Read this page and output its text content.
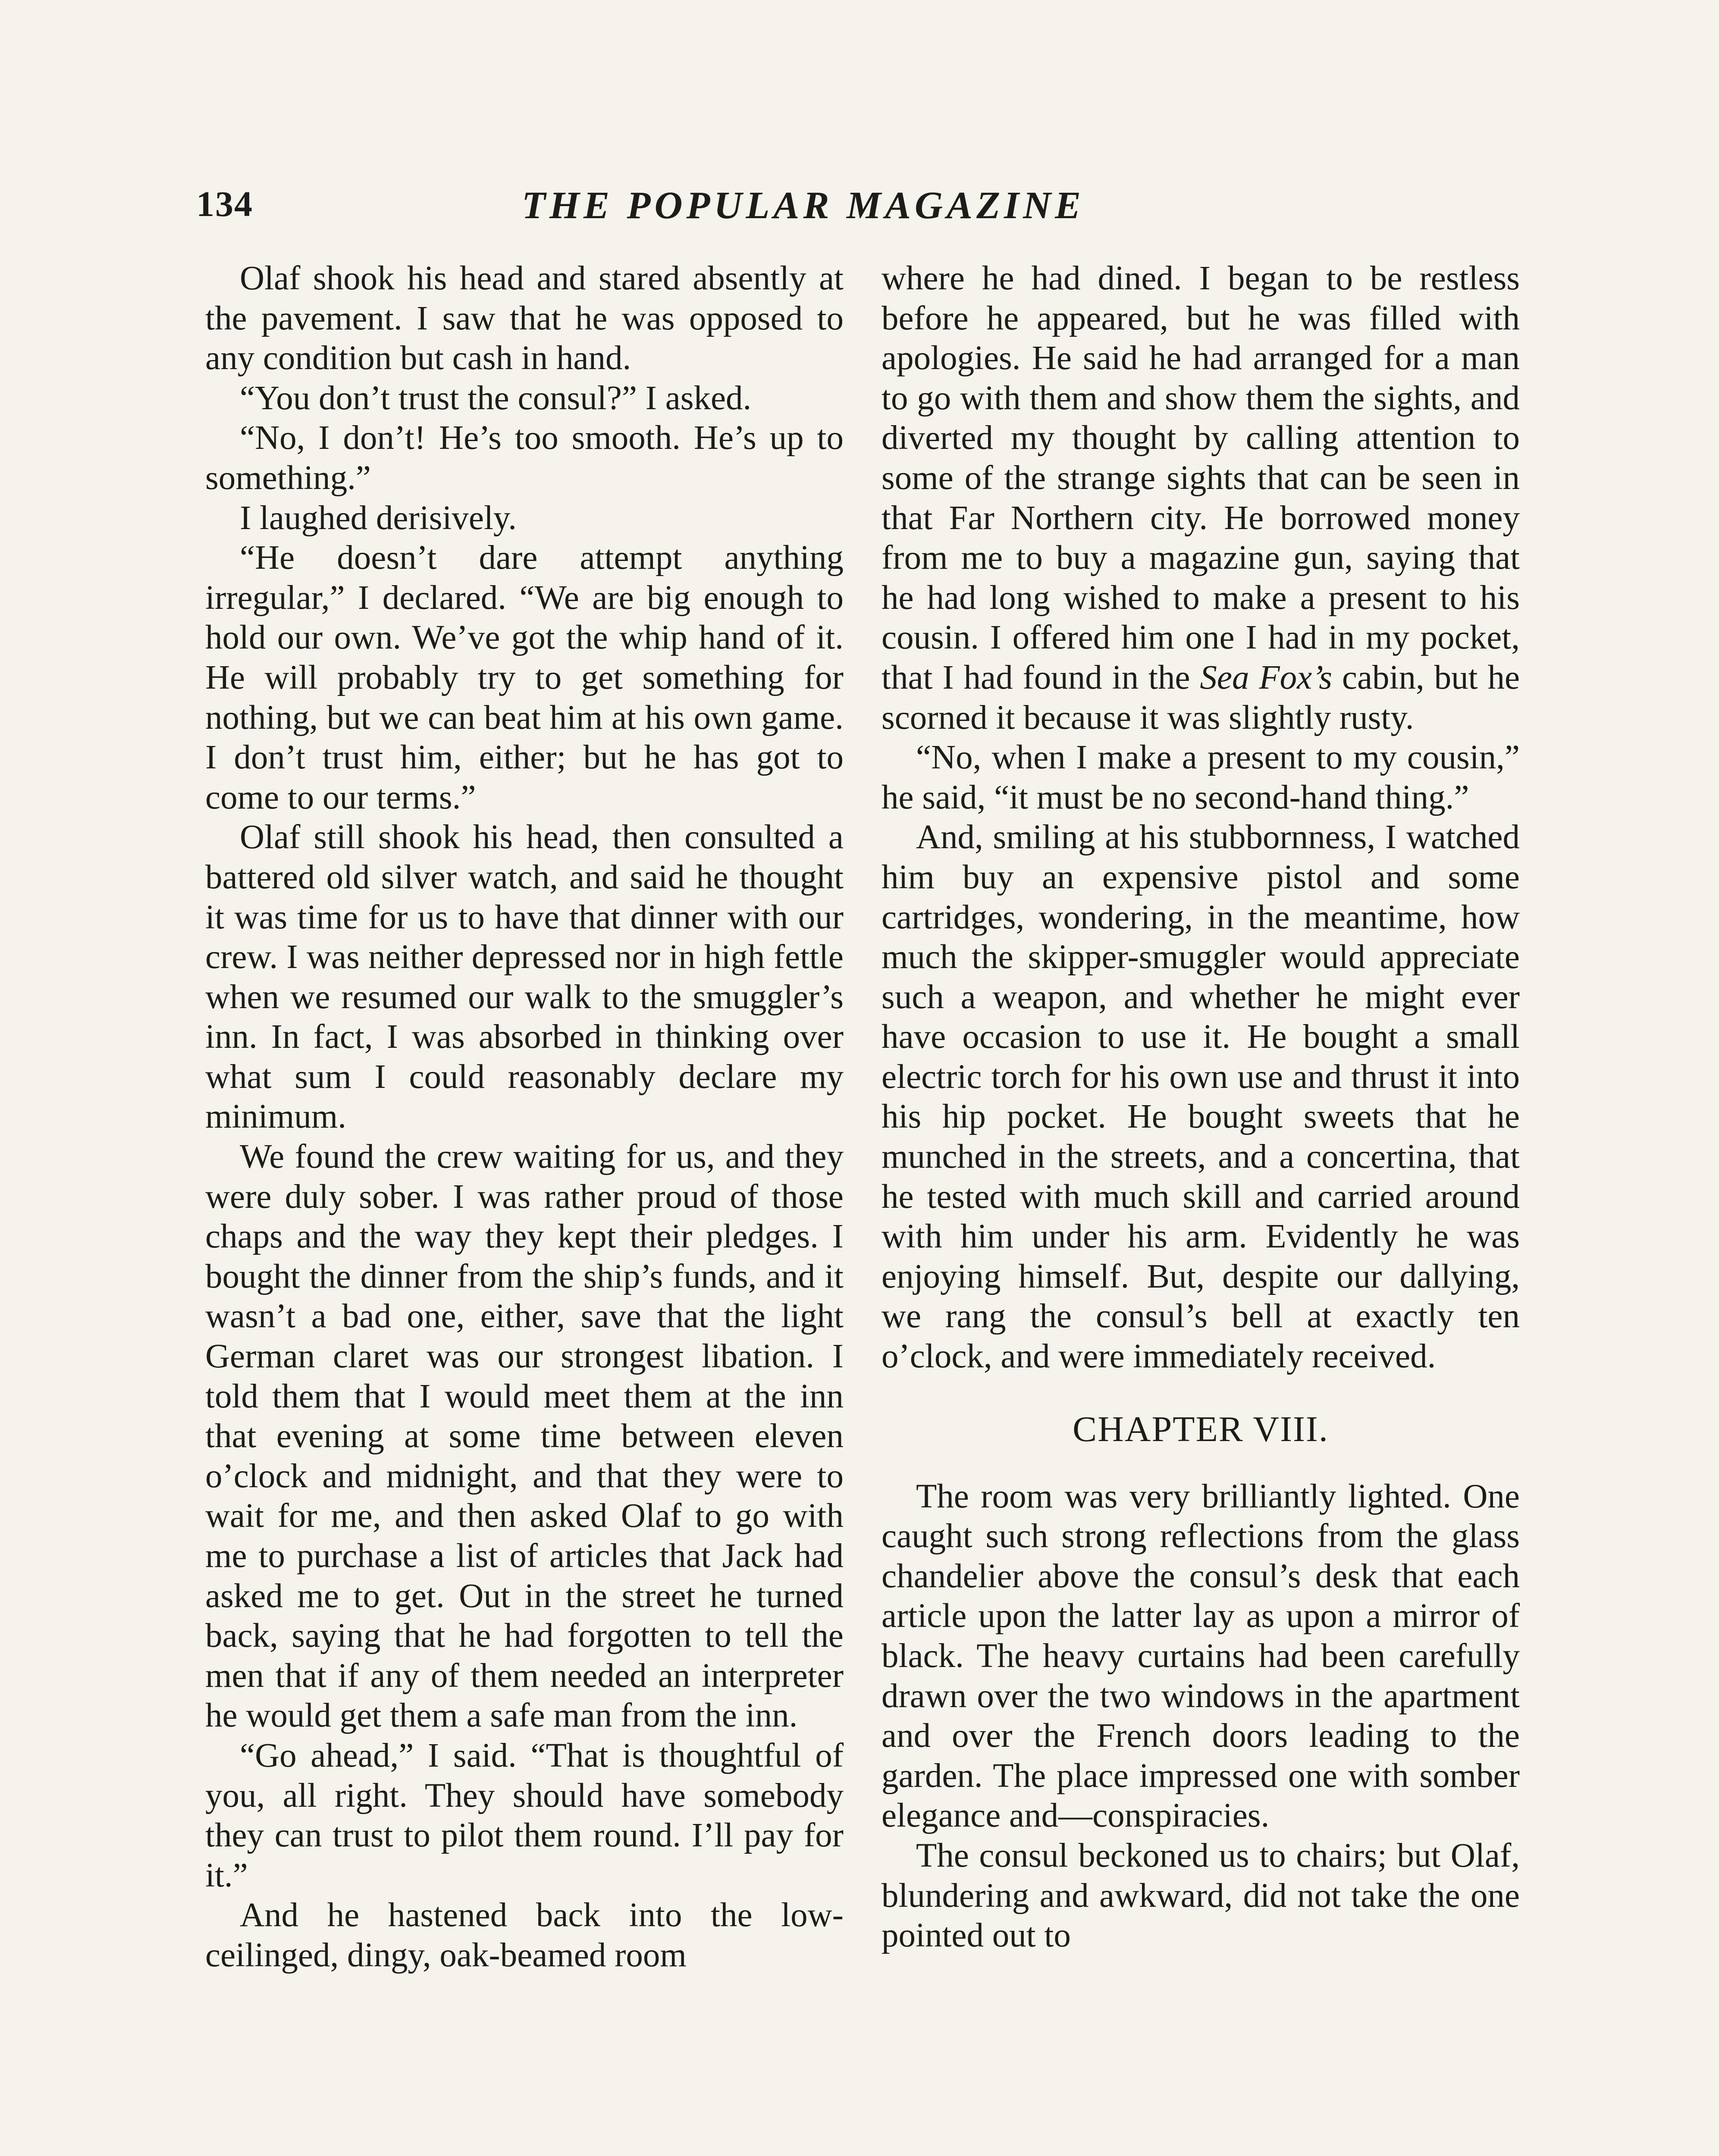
134	THE POPULAR MAGAZINE

Olaf shook his head and stared absently at the pavement. I saw that he was opposed to any condition but cash in hand.

“You don’t trust the consul?” I asked.

“No, I don’t! He’s too smooth. He’s up to something.”

I laughed derisively.

“He doesn’t dare attempt anything irregular,” I declared. “We are big enough to hold our own. We’ve got the whip hand of it. He will probably try to get something for nothing, but we can beat him at his own game. I don’t trust him, either; but he has got to come to our terms.”

Olaf still shook his head, then consulted a battered old silver watch, and said he thought it was time for us to have that dinner with our crew. I was neither depressed nor in high fettle when we resumed our walk to the smuggler’s inn. In fact, I was absorbed in thinking over what sum I could reasonably declare my minimum.

We found the crew waiting for us, and they were duly sober. I was rather proud of those chaps and the way they kept their pledges. I bought the dinner from the ship’s funds, and it wasn’t a bad one, either, save that the light German claret was our strongest libation. I told them that I would meet them at the inn that evening at some time between eleven o’clock and midnight, and that they were to wait for me, and then asked Olaf to go with me to purchase a list of articles that Jack had asked me to get. Out in the street he turned back, saying that he had forgotten to tell the men that if any of them needed an interpreter he would get them a safe man from the inn.

“Go ahead,” I said. “That is thoughtful of you, all right. They should have somebody they can trust to pilot them round. I’ll pay for it.”

And he hastened back into the low-ceilinged, dingy, oak-beamed room

where he had dined. I began to be restless before he appeared, but he was filled with apologies. He said he had arranged for a man to go with them and show them the sights, and diverted my thought by calling attention to some of the strange sights that can be seen in that Far Northern city. He borrowed money from me to buy a magazine gun, saying that he had long wished to make a present to his cousin. I offered him one I had in my pocket, that I had found in the Sea Fox’s cabin, but he scorned it because it was slightly rusty.

“No, when I make a present to my cousin,” he said, “it must be no second-hand thing.”

And, smiling at his stubbornness, I watched him buy an expensive pistol and some cartridges, wondering, in the meantime, how much the skipper-smuggler would appreciate such a weapon, and whether he might ever have occasion to use it. He bought a small electric torch for his own use and thrust it into his hip pocket. He bought sweets that he munched in the streets, and a concertina, that he tested with much skill and carried around with him under his arm. Evidently he was enjoying himself. But, despite our dallying, we rang the consul’s bell at exactly ten o’clock, and were immediately received.

CHAPTER VIII.

The room was very brilliantly lighted. One caught such strong reflections from the glass chandelier above the consul’s desk that each article upon the latter lay as upon a mirror of black. The heavy curtains had been carefully drawn over the two windows in the apartment and over the French doors leading to the garden. The place impressed one with somber elegance and—conspiracies.

The consul beckoned us to chairs; but Olaf, blundering and awkward, did not take the one pointed out to
